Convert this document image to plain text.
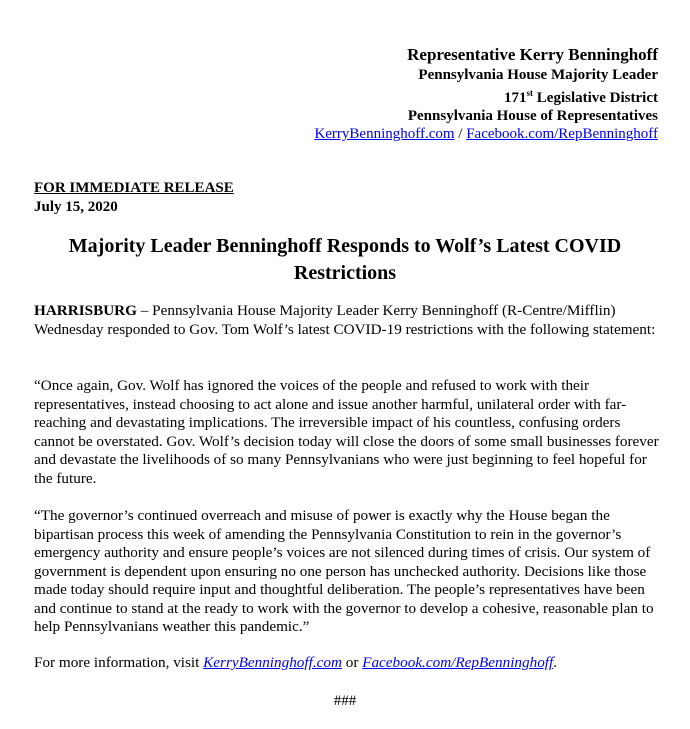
Representative Kerry Benninghoff
Pennsylvania House Majority Leader
171st Legislative District
Pennsylvania House of Representatives
KerryBenninghoff.com / Facebook.com/RepBenninghoff
FOR IMMEDIATE RELEASE
July 15, 2020
Majority Leader Benninghoff Responds to Wolf’s Latest COVID Restrictions
HARRISBURG – Pennsylvania House Majority Leader Kerry Benninghoff (R-Centre/Mifflin) Wednesday responded to Gov. Tom Wolf’s latest COVID-19 restrictions with the following statement:
“Once again, Gov. Wolf has ignored the voices of the people and refused to work with their representatives, instead choosing to act alone and issue another harmful, unilateral order with far-reaching and devastating implications. The irreversible impact of his countless, confusing orders cannot be overstated. Gov. Wolf’s decision today will close the doors of some small businesses forever and devastate the livelihoods of so many Pennsylvanians who were just beginning to feel hopeful for the future.
“The governor’s continued overreach and misuse of power is exactly why the House began the bipartisan process this week of amending the Pennsylvania Constitution to rein in the governor’s emergency authority and ensure people’s voices are not silenced during times of crisis. Our system of government is dependent upon ensuring no one person has unchecked authority. Decisions like those made today should require input and thoughtful deliberation. The people’s representatives have been and continue to stand at the ready to work with the governor to develop a cohesive, reasonable plan to help Pennsylvanians weather this pandemic.”
For more information, visit KerryBenninghoff.com or Facebook.com/RepBenninghoff.
###
